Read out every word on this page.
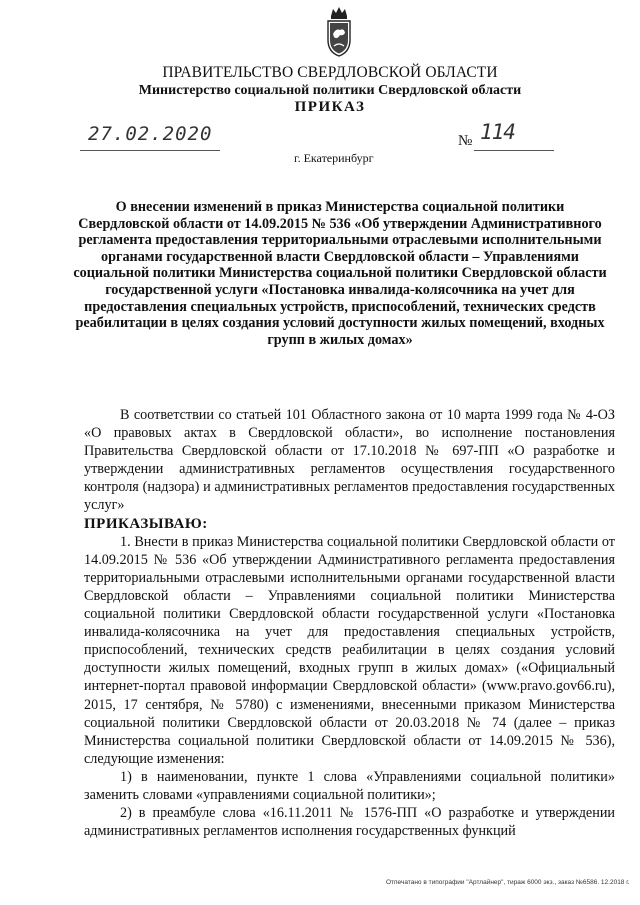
ПРАВИТЕЛЬСТВО СВЕРДЛОВСКОЙ ОБЛАСТИ
Министерство социальной политики Свердловской области
ПРИКАЗ
27.02.2020	№ 114
г. Екатеринбург
О внесении изменений в приказ Министерства социальной политики Свердловской области от 14.09.2015 № 536 «Об утверждении Административного регламента предоставления территориальными отраслевыми исполнительными органами государственной власти Свердловской области – Управлениями социальной политики Министерства социальной политики Свердловской области государственной услуги «Постановка инвалида-колясочника на учет для предоставления специальных устройств, приспособлений, технических средств реабилитации в целях создания условий доступности жилых помещений, входных групп в жилых домах»

В соответствии со статьей 101 Областного закона от 10 марта 1999 года № 4-ОЗ «О правовых актах в Свердловской области», во исполнение постановления Правительства Свердловской области от 17.10.2018 № 697-ПП «О разработке и утверждении административных регламентов осуществления государственного контроля (надзора) и административных регламентов предоставления государственных услуг»

ПРИКАЗЫВАЮ:

1. Внести в приказ Министерства социальной политики Свердловской области от 14.09.2015 № 536 «Об утверждении Административного регламента предоставления территориальными отраслевыми исполнительными органами государственной власти Свердловской области – Управлениями социальной политики Министерства социальной политики Свердловской области государственной услуги «Постановка инвалида-колясочника на учет для предоставления специальных устройств, приспособлений, технических средств реабилитации в целях создания условий доступности жилых помещений, входных групп в жилых домах» («Официальный интернет-портал правовой информации Свердловской области» (www.pravo.gov66.ru), 2015, 17 сентября, № 5780) с изменениями, внесенными приказом Министерства социальной политики Свердловской области от 20.03.2018 № 74 (далее – приказ Министерства социальной политики Свердловской области от 14.09.2015 № 536), следующие изменения:

1) в наименовании, пункте 1 слова «Управлениями социальной политики» заменить словами «управлениями социальной политики»;

2) в преамбуле слова «16.11.2011 № 1576-ПП «О разработке и утверждении административных регламентов исполнения государственных функций

Отпечатано в типографии "Артлайнер", тираж 6000 экз., заказ №6586. 12.2018 г.
